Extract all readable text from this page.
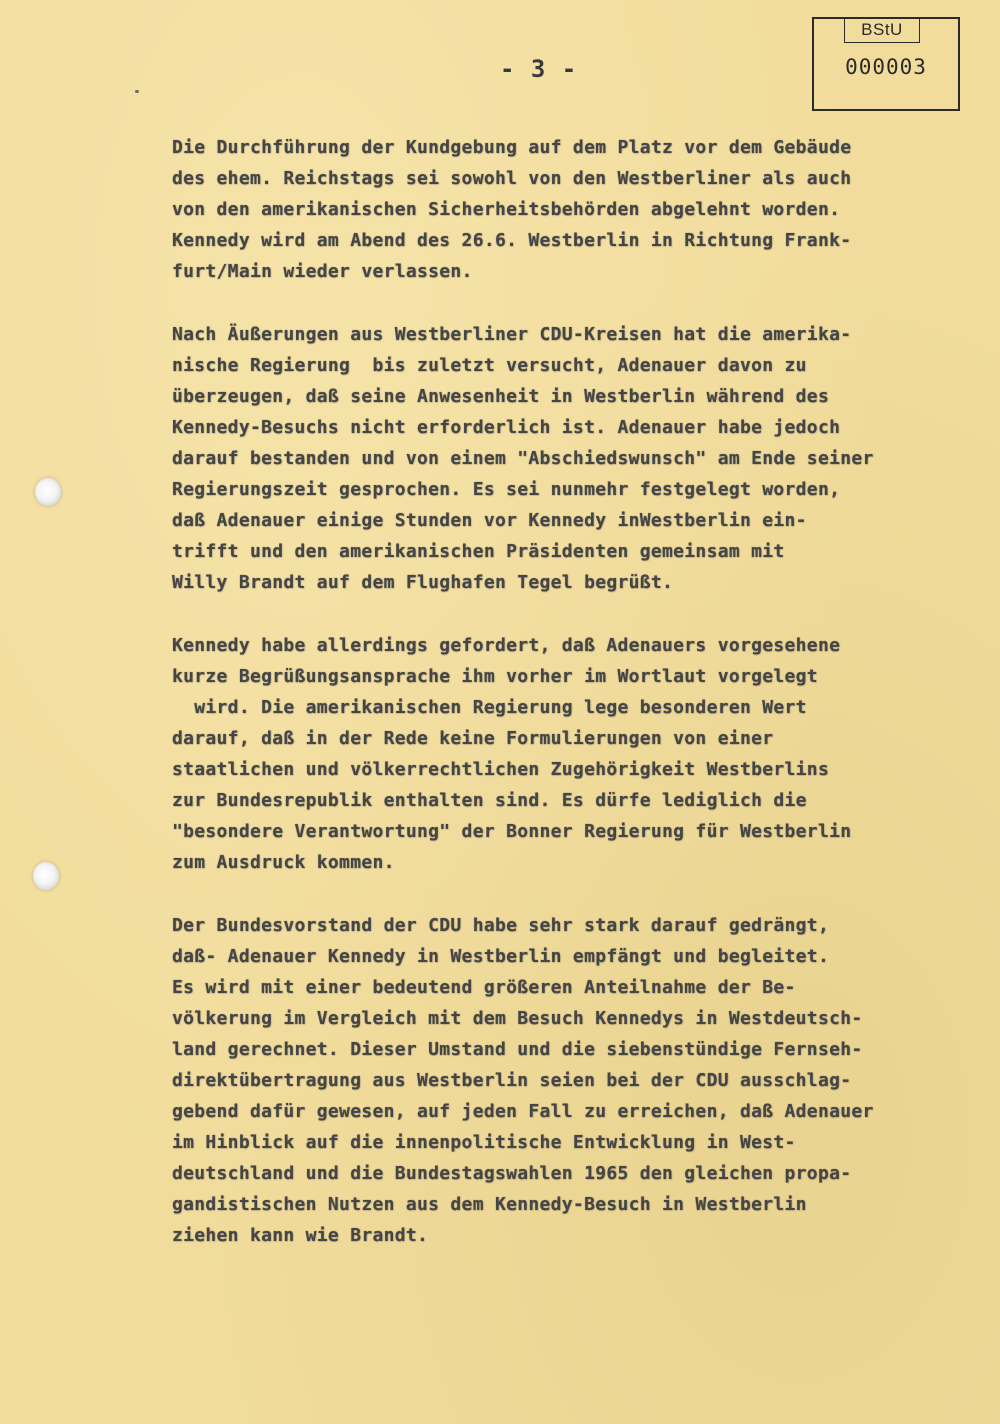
BStU
000003
- 3 -
Die Durchführung der Kundgebung auf dem Platz vor dem Gebäude
des ehem. Reichstags sei sowohl von den Westberliner als auch
von den amerikanischen Sicherheitsbehörden abgelehnt worden.
Kennedy wird am Abend des 26.6. Westberlin in Richtung Frank-
furt/Main wieder verlassen.
Nach Äußerungen aus Westberliner CDU-Kreisen hat die amerika-
nische Regierung  bis zuletzt versucht, Adenauer davon zu
überzeugen, daß seine Anwesenheit in Westberlin während des
Kennedy-Besuchs nicht erforderlich ist. Adenauer habe jedoch
darauf bestanden und von einem "Abschiedswunsch" am Ende seiner
Regierungszeit gesprochen. Es sei nunmehr festgelegt worden,
daß Adenauer einige Stunden vor Kennedy inWestberlin ein-
trifft und den amerikanischen Präsidenten gemeinsam mit
Willy Brandt auf dem Flughafen Tegel begrüßt.
Kennedy habe allerdings gefordert, daß Adenauers vorgesehene
kurze Begrüßungsansprache ihm vorher im Wortlaut vorgelegt
wird. Die amerikanischen Regierung lege besonderen Wert
darauf, daß in der Rede keine Formulierungen von einer
staatlichen und völkerrechtlichen Zugehörigkeit Westberlins
zur Bundesrepublik enthalten sind. Es dürfe lediglich die
"besondere Verantwortung" der Bonner Regierung für Westberlin
zum Ausdruck kommen.
Der Bundesvorstand der CDU habe sehr stark darauf gedrängt,
daß- Adenauer Kennedy in Westberlin empfängt und begleitet.
Es wird mit einer bedeutend größeren Anteilnahme der Be-
völkerung im Vergleich mit dem Besuch Kennedys in Westdeutsch-
land gerechnet. Dieser Umstand und die siebenstündige Fernseh-
direktübertragung aus Westberlin seien bei der CDU ausschlag-
gebend dafür gewesen, auf jeden Fall zu erreichen, daß Adenauer
im Hinblick auf die innenpolitische Entwicklung in West-
deutschland und die Bundestagswahlen 1965 den gleichen propa-
gandistischen Nutzen aus dem Kennedy-Besuch in Westberlin
ziehen kann wie Brandt.
